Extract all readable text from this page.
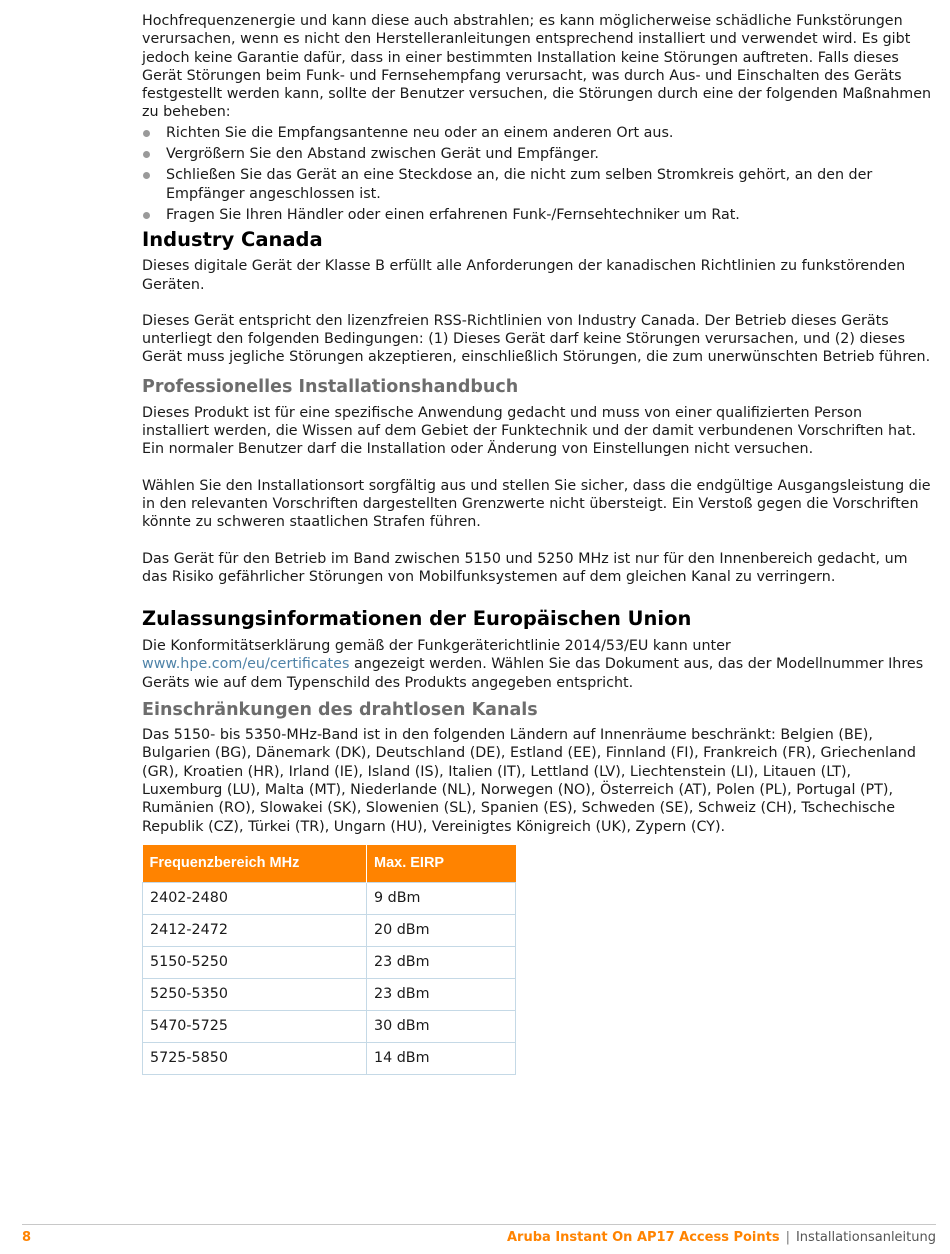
Hochfrequenzenergie und kann diese auch abstrahlen; es kann möglicherweise schädliche Funkstörungen verursachen, wenn es nicht den Herstelleranleitungen entsprechend installiert und verwendet wird. Es gibt jedoch keine Garantie dafür, dass in einer bestimmten Installation keine Störungen auftreten. Falls dieses Gerät Störungen beim Funk- und Fernsehempfang verursacht, was durch Aus- und Einschalten des Geräts festgestellt werden kann, sollte der Benutzer versuchen, die Störungen durch eine der folgenden Maßnahmen zu beheben:

Richten Sie die Empfangsantenne neu oder an einem anderen Ort aus.
Vergrößern Sie den Abstand zwischen Gerät und Empfänger.
Schließen Sie das Gerät an eine Steckdose an, die nicht zum selben Stromkreis gehört, an den der Empfänger angeschlossen ist.
Fragen Sie Ihren Händler oder einen erfahrenen Funk-/Fernsehtechniker um Rat.
Industry Canada

Dieses digitale Gerät der Klasse B erfüllt alle Anforderungen der kanadischen Richtlinien zu funkstörenden Geräten.

Dieses Gerät entspricht den lizenzfreien RSS-Richtlinien von Industry Canada. Der Betrieb dieses Geräts unterliegt den folgenden Bedingungen: (1) Dieses Gerät darf keine Störungen verursachen, und (2) dieses Gerät muss jegliche Störungen akzeptieren, einschließlich Störungen, die zum unerwünschten Betrieb führen.

Professionelles Installationshandbuch

Dieses Produkt ist für eine spezifische Anwendung gedacht und muss von einer qualifizierten Person installiert werden, die Wissen auf dem Gebiet der Funktechnik und der damit verbundenen Vorschriften hat. Ein normaler Benutzer darf die Installation oder Änderung von Einstellungen nicht versuchen.

Wählen Sie den Installationsort sorgfältig aus und stellen Sie sicher, dass die endgültige Ausgangsleistung die in den relevanten Vorschriften dargestellten Grenzwerte nicht übersteigt. Ein Verstoß gegen die Vorschriften könnte zu schweren staatlichen Strafen führen.

Das Gerät für den Betrieb im Band zwischen 5150 und 5250 MHz ist nur für den Innenbereich gedacht, um das Risiko gefährlicher Störungen von Mobilfunksystemen auf dem gleichen Kanal zu verringern.

Zulassungsinformationen der Europäischen Union

Die Konformitätserklärung gemäß der Funkgeräterichtlinie 2014/53/EU kann unter www.hpe.com/eu/certificates angezeigt werden. Wählen Sie das Dokument aus, das der Modellnummer Ihres Geräts wie auf dem Typenschild des Produkts angegeben entspricht.

Einschränkungen des drahtlosen Kanals

Das 5150- bis 5350-MHz-Band ist in den folgenden Ländern auf Innenräume beschränkt: Belgien (BE), Bulgarien (BG), Dänemark (DK), Deutschland (DE), Estland (EE), Finnland (FI), Frankreich (FR), Griechenland (GR), Kroatien (HR), Irland (IE), Island (IS), Italien (IT), Lettland (LV), Liechtenstein (LI), Litauen (LT), Luxemburg (LU), Malta (MT), Niederlande (NL), Norwegen (NO), Österreich (AT), Polen (PL), Portugal (PT), Rumänien (RO), Slowakei (SK), Slowenien (SL), Spanien (ES), Schweden (SE), Schweiz (CH), Tschechische Republik (CZ), Türkei (TR), Ungarn (HU), Vereinigtes Königreich (UK), Zypern (CY).

Frequenzbereich MHz	Max. EIRP
2402-2480	9 dBm
2412-2472	20 dBm
5150-5250	23 dBm
5250-5350	23 dBm
5470-5725	30 dBm
5725-5850	14 dBm
8	Aruba Instant On AP17 Access Points | Installationsanleitung
